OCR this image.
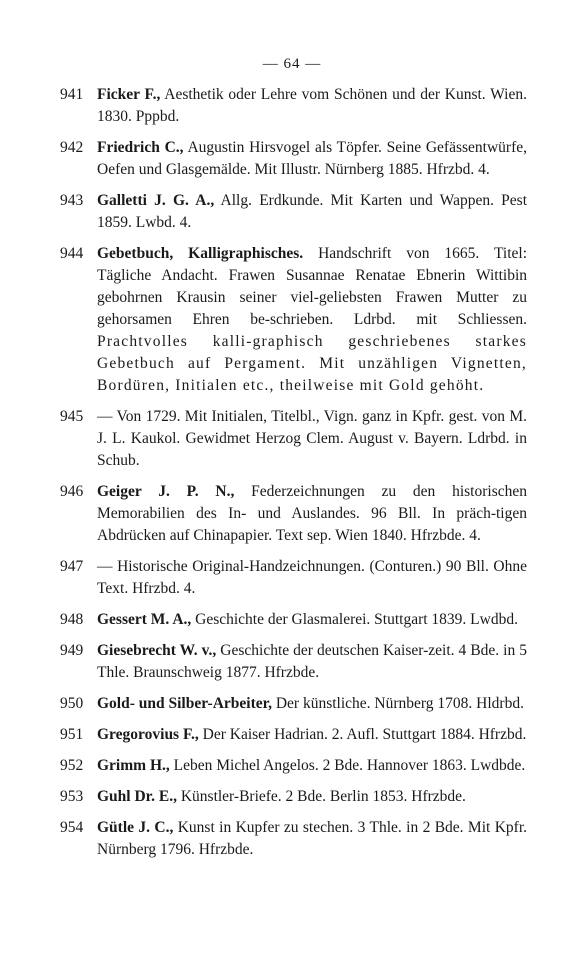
— 64 —
941 Ficker F., Aesthetik oder Lehre vom Schönen und der Kunst. Wien. 1830. Pppbd.
942 Friedrich C., Augustin Hirsvogel als Töpfer. Seine Gefässentwürfe, Oefen und Glasgemälde. Mit Illustr. Nürnberg 1885. Hfrzbd. 4.
943 Galletti J. G. A., Allg. Erdkunde. Mit Karten und Wappen. Pest 1859. Lwbd. 4.
944 Gebetbuch, Kalligraphisches. Handschrift von 1665. Titel: Tägliche Andacht. Frawen Susannae Renatae Ebnerin Wittibin gebohrnen Krausin seiner viel-geliebsten Frawen Mutter zu gehorsamen Ehren be-schrieben. Ldrbd. mit Schliessen. Prachtvolles kalli-graphisch geschriebenes starkes Gebetbuch auf Pergament. Mit unzähligen Vignetten, Bordüren, Initialen etc., theilweise mit Gold gehöht.
945 — Von 1729. Mit Initialen, Titelbl., Vign. ganz in Kpfr. gest. von M. J. L. Kaukol. Gewidmet Herzog Clem. August v. Bayern. Ldrbd. in Schub.
946 Geiger J. P. N., Federzeichnungen zu den historischen Memorabilien des In- und Auslandes. 96 Bll. In präch-tigen Abdrücken auf Chinapapier. Text sep. Wien 1840. Hfrzbde. 4.
947 — Historische Original-Handzeichnungen. (Conturen.) 90 Bll. Ohne Text. Hfrzbd. 4.
948 Gessert M. A., Geschichte der Glasmalerei. Stuttgart 1839. Lwdbd.
949 Giesebrecht W. v., Geschichte der deutschen Kaiser-zeit. 4 Bde. in 5 Thle. Braunschweig 1877. Hfrzbde.
950 Gold- und Silber-Arbeiter, Der künstliche. Nürnberg 1708. Hldrbd.
951 Gregorovius F., Der Kaiser Hadrian. 2. Aufl. Stuttgart 1884. Hfrzbd.
952 Grimm H., Leben Michel Angelos. 2 Bde. Hannover 1863. Lwdbde.
953 Guhl Dr. E., Künstler-Briefe. 2 Bde. Berlin 1853. Hfrzbde.
954 Gütle J. C., Kunst in Kupfer zu stechen. 3 Thle. in 2 Bde. Mit Kpfr. Nürnberg 1796. Hfrzbde.
